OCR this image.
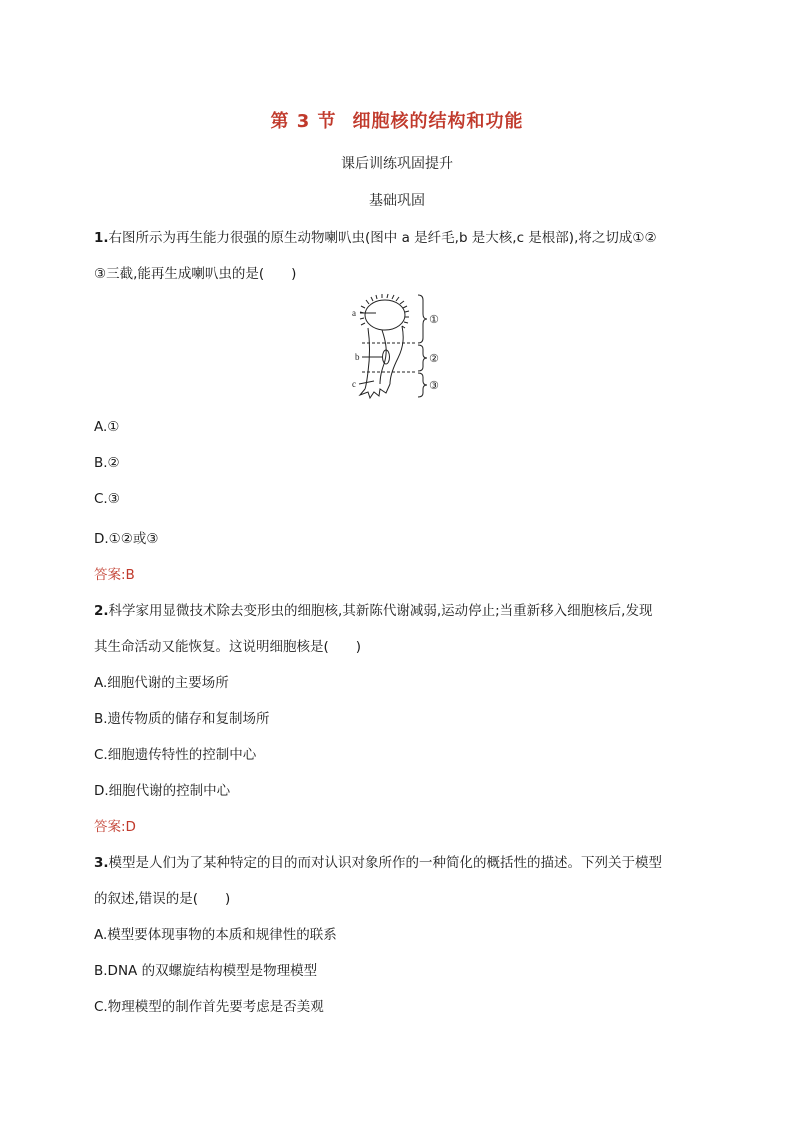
第 3 节 细胞核的结构和功能
课后训练巩固提升
基础巩固
1.右图所示为再生能力很强的原生动物喇叭虫(图中 a 是纤毛,b 是大核,c 是根部),将之切成①②
③三截,能再生成喇叭虫的是(　　)
a
b
c
①
②
③
A.①
B.②
C.③
D.①②或③
答案:B
2.科学家用显微技术除去变形虫的细胞核,其新陈代谢减弱,运动停止;当重新移入细胞核后,发现
其生命活动又能恢复。这说明细胞核是(　　)
A.细胞代谢的主要场所
B.遗传物质的储存和复制场所
C.细胞遗传特性的控制中心
D.细胞代谢的控制中心
答案:D
3.模型是人们为了某种特定的目的而对认识对象所作的一种简化的概括性的描述。下列关于模型
的叙述,错误的是(　　)
A.模型要体现事物的本质和规律性的联系
B.DNA 的双螺旋结构模型是物理模型
C.物理模型的制作首先要考虑是否美观
